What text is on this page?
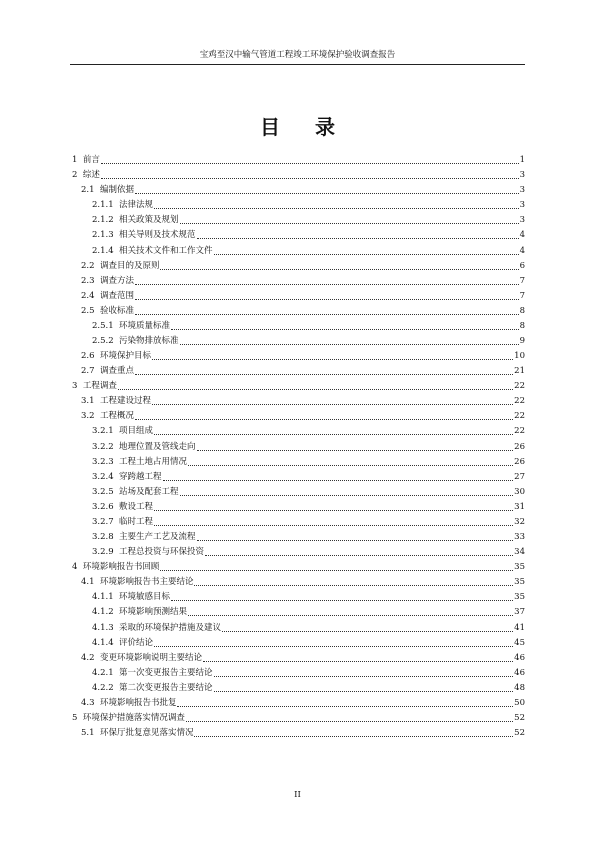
宝鸡至汉中输气管道工程竣工环境保护验收调查报告
目 录
1 前言	1
2 综述	3
2.1 编制依据	3
2.1.1 法律法规	3
2.1.2 相关政策及规划	3
2.1.3 相关导则及技术规范	4
2.1.4 相关技术文件和工作文件	4
2.2 调查目的及原则	6
2.3 调查方法	7
2.4 调查范围	7
2.5 验收标准	8
2.5.1 环境质量标准	8
2.5.2 污染物排放标准	9
2.6 环境保护目标	10
2.7 调查重点	21
3 工程调查	22
3.1 工程建设过程	22
3.2 工程概况	22
3.2.1 项目组成	22
3.2.2 地理位置及管线走向	26
3.2.3 工程土地占用情况	26
3.2.4 穿跨越工程	27
3.2.5 站场及配套工程	30
3.2.6 敷设工程	31
3.2.7 临时工程	32
3.2.8 主要生产工艺及流程	33
3.2.9 工程总投资与环保投资	34
4 环境影响报告书回顾	35
4.1 环境影响报告书主要结论	35
4.1.1 环境敏感目标	35
4.1.2 环境影响预测结果	37
4.1.3 采取的环境保护措施及建议	41
4.1.4 评价结论	45
4.2 变更环境影响说明主要结论	46
4.2.1 第一次变更报告主要结论	46
4.2.2 第二次变更报告主要结论	48
4.3 环境影响报告书批复	50
5 环境保护措施落实情况调查	52
5.1 环保厅批复意见落实情况	52
II
